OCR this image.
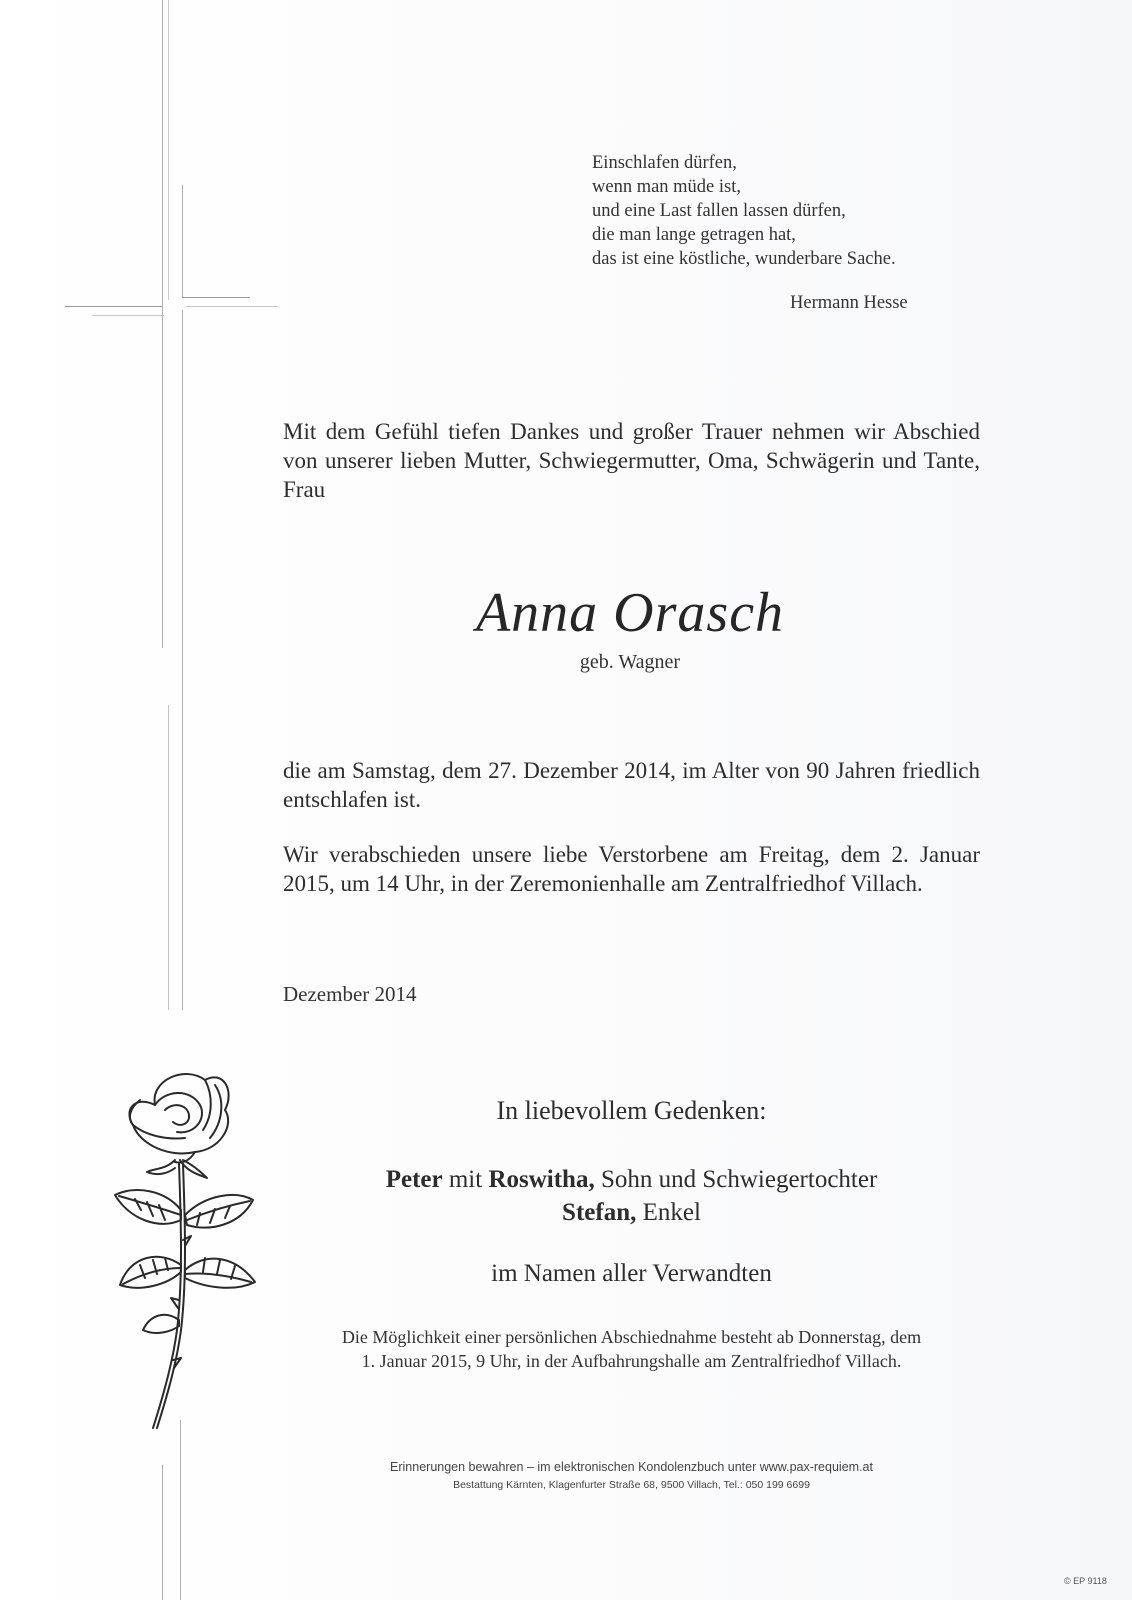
Einschlafen dürfen,
wenn man müde ist,
und eine Last fallen lassen dürfen,
die man lange getragen hat,
das ist eine köstliche, wunderbare Sache.
Hermann Hesse
Mit dem Gefühl tiefen Dankes und großer Trauer nehmen wir Abschied von unserer lieben Mutter, Schwiegermutter, Oma, Schwägerin und Tante, Frau
Anna Orasch
geb. Wagner
die am Samstag, dem 27. Dezember 2014, im Alter von 90 Jahren friedlich entschlafen ist.
Wir verabschieden unsere liebe Verstorbene am Freitag, dem 2. Januar 2015, um 14 Uhr, in der Zeremonienhalle am Zentralfriedhof Villach.
Dezember 2014
In liebevollem Gedenken:
Peter mit Roswitha, Sohn und Schwiegertochter
Stefan, Enkel
im Namen aller Verwandten
Die Möglichkeit einer persönlichen Abschiednahme besteht ab Donnerstag, dem
1. Januar 2015, 9 Uhr, in der Aufbahrungshalle am Zentralfriedhof Villach.
Erinnerungen bewahren – im elektronischen Kondolenzbuch unter www.pax-requiem.at
Bestattung Kärnten, Klagenfurter Straße 68, 9500 Villach, Tel.: 050 199 6699
© EP 9118
